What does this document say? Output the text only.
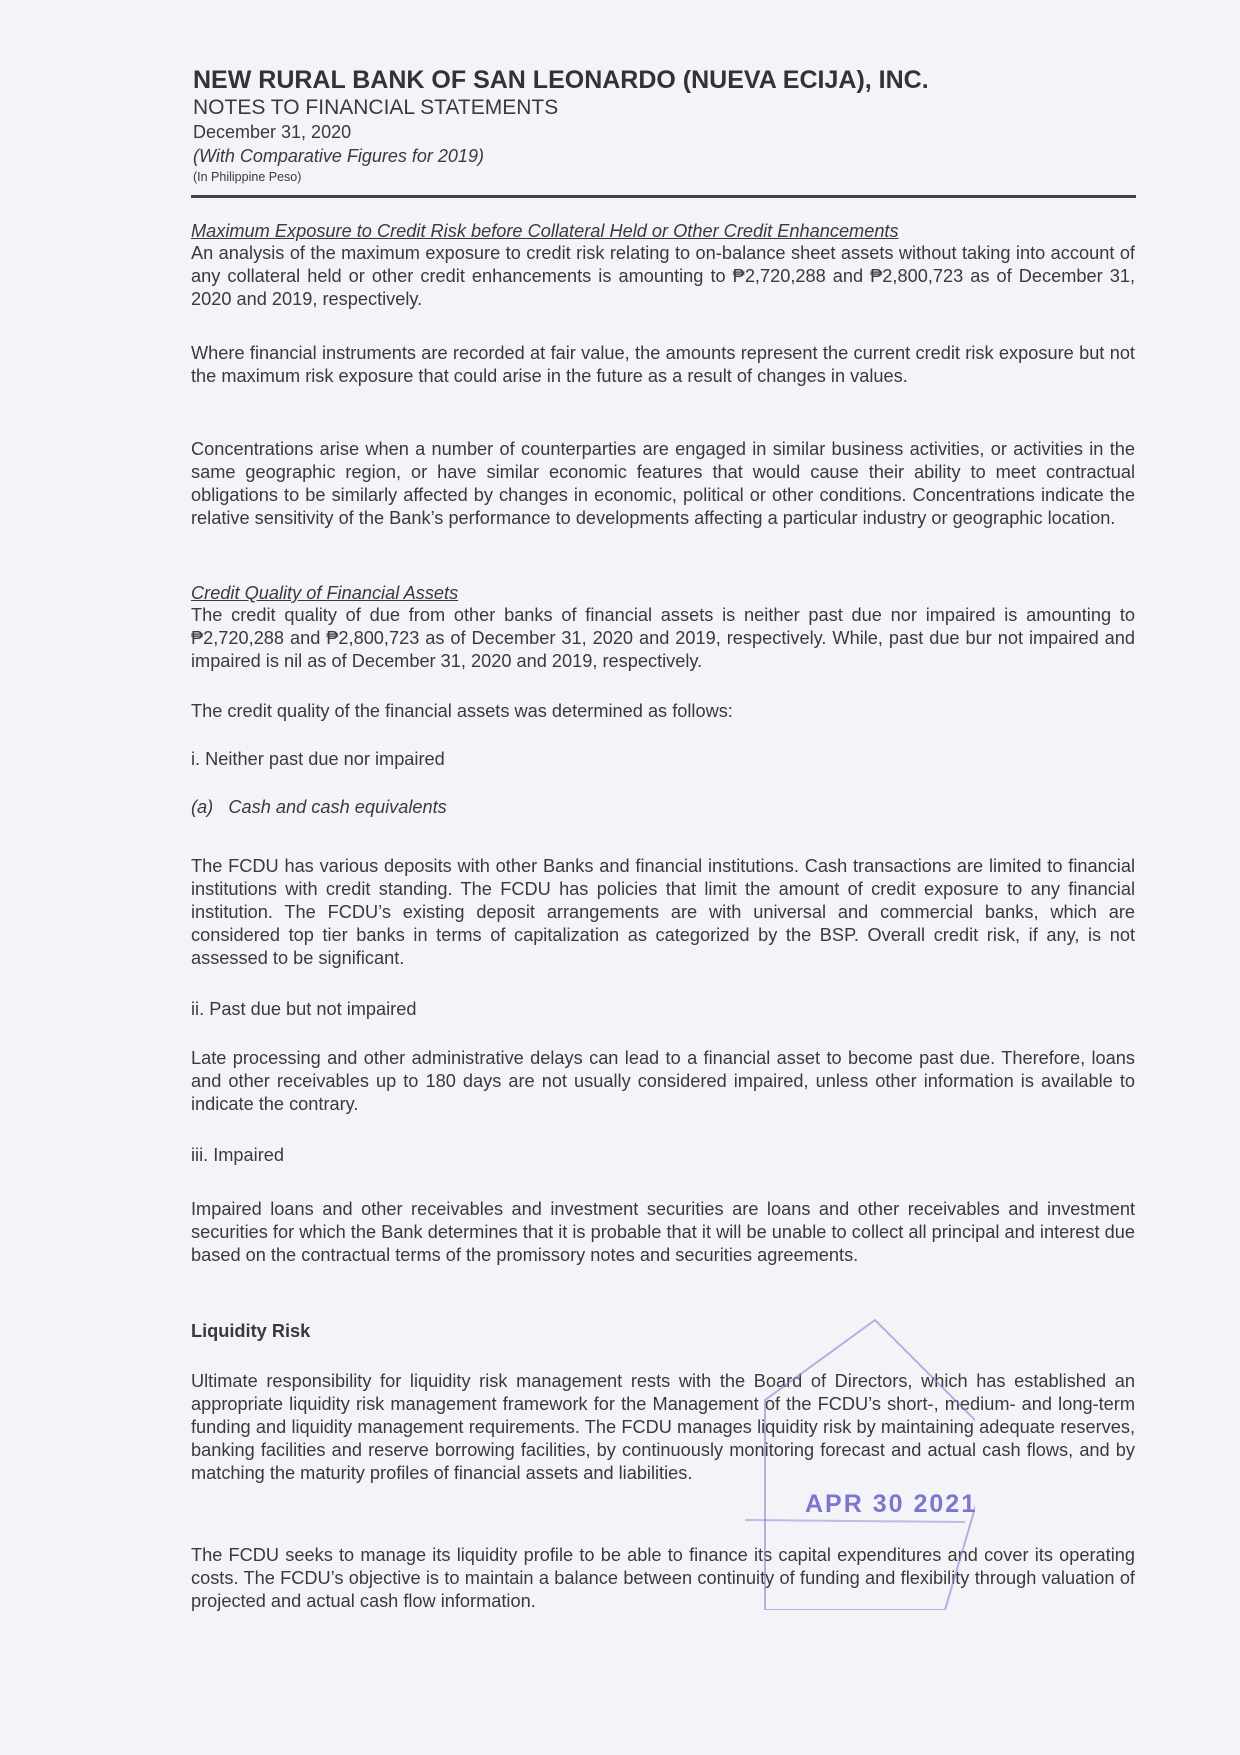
NEW RURAL BANK OF SAN LEONARDO (NUEVA ECIJA), INC.
NOTES TO FINANCIAL STATEMENTS
December 31, 2020
(With Comparative Figures for 2019)
(In Philippine Peso)
Maximum Exposure to Credit Risk before Collateral Held or Other Credit Enhancements
An analysis of the maximum exposure to credit risk relating to on-balance sheet assets without taking into account of any collateral held or other credit enhancements is amounting to ₱2,720,288 and ₱2,800,723 as of December 31, 2020 and 2019, respectively.
Where financial instruments are recorded at fair value, the amounts represent the current credit risk exposure but not the maximum risk exposure that could arise in the future as a result of changes in values.
Concentrations arise when a number of counterparties are engaged in similar business activities, or activities in the same geographic region, or have similar economic features that would cause their ability to meet contractual obligations to be similarly affected by changes in economic, political or other conditions. Concentrations indicate the relative sensitivity of the Bank’s performance to developments affecting a particular industry or geographic location.
Credit Quality of Financial Assets
The credit quality of due from other banks of financial assets is neither past due nor impaired is amounting to ₱2,720,288 and ₱2,800,723 as of December 31, 2020 and 2019, respectively. While, past due bur not impaired and impaired is nil as of December 31, 2020 and 2019, respectively.
The credit quality of the financial assets was determined as follows:
i. Neither past due nor impaired
(a)   Cash and cash equivalents
The FCDU has various deposits with other Banks and financial institutions. Cash transactions are limited to financial institutions with credit standing. The FCDU has policies that limit the amount of credit exposure to any financial institution. The FCDU’s existing deposit arrangements are with universal and commercial banks, which are considered top tier banks in terms of capitalization as categorized by the BSP. Overall credit risk, if any, is not assessed to be significant.
ii. Past due but not impaired
Late processing and other administrative delays can lead to a financial asset to become past due. Therefore, loans and other receivables up to 180 days are not usually considered impaired, unless other information is available to indicate the contrary.
iii. Impaired
Impaired loans and other receivables and investment securities are loans and other receivables and investment securities for which the Bank determines that it is probable that it will be unable to collect all principal and interest due based on the contractual terms of the promissory notes and securities agreements.
Liquidity Risk
Ultimate responsibility for liquidity risk management rests with the Board of Directors, which has established an appropriate liquidity risk management framework for the Management of the FCDU’s short-, medium- and long-term funding and liquidity management requirements. The FCDU manages liquidity risk by maintaining adequate reserves, banking facilities and reserve borrowing facilities, by continuously monitoring forecast and actual cash flows, and by matching the maturity profiles of financial assets and liabilities.
The FCDU seeks to manage its liquidity profile to be able to finance its capital expenditures and cover its operating costs. The FCDU’s objective is to maintain a balance between continuity of funding and flexibility through valuation of projected and actual cash flow information.
APR 30 2021
